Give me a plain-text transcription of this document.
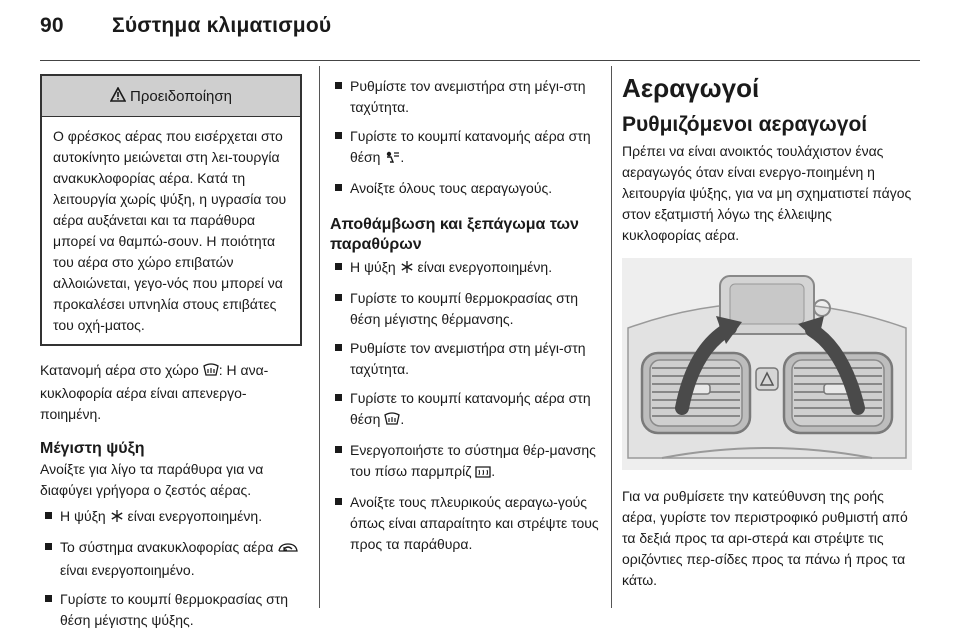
90 Σύστημα κλιματισμού
Προειδοποίηση
Ο φρέσκος αέρας που εισέρχεται στο αυτοκίνητο μειώνεται στη λει-τουργία ανακυκλοφορίας αέρα. Κατά τη λειτουργία χωρίς ψύξη, η υγρασία του αέρα αυξάνεται και τα παράθυρα μπορεί να θαμπώ-σουν. Η ποιότητα του αέρα στο χώρο επιβατών αλλοιώνεται, γεγο-νός που μπορεί να προκαλέσει υπνηλία στους επιβάτες του οχή-ματος.

Κατανομή αέρα στο χώρο : Η ανα-κυκλοφορία αέρα είναι απενεργο-ποιημένη.

Μέγιστη ψύξη

Ανοίξτε για λίγο τα παράθυρα για να διαφύγει γρήγορα ο ζεστός αέρας.

Η ψύξη  είναι ενεργοποιημένη.
Το σύστημα ανακυκλοφορίας αέρα  είναι ενεργοποιημένο.
Γυρίστε το κουμπί θερμοκρασίας στη θέση μέγιστης ψύξης.
Ρυθμίστε τον ανεμιστήρα στη μέγι-στη ταχύτητα.
Γυρίστε το κουμπί κατανομής αέρα στη θέση .
Ανοίξτε όλους τους αεραγωγούς.
Αποθάμβωση και ξεπάγωμα των παραθύρων
Η ψύξη  είναι ενεργοποιημένη.
Γυρίστε το κουμπί θερμοκρασίας στη θέση μέγιστης θέρμανσης.
Ρυθμίστε τον ανεμιστήρα στη μέγι-στη ταχύτητα.
Γυρίστε το κουμπί κατανομής αέρα στη θέση .
Ενεργοποιήστε το σύστημα θέρ-μανσης του πίσω παρμπρίζ .
Ανοίξτε τους πλευρικούς αεραγω-γούς όπως είναι απαραίτητο και στρέψτε τους προς τα παράθυρα.
Αεραγωγοί
Ρυθμιζόμενοι αεραγωγοί

Πρέπει να είναι ανοικτός τουλάχιστον ένας αεραγωγός όταν είναι ενεργο-ποιημένη η λειτουργία ψύξης, για να μη σχηματιστεί πάγος στον εξατμιστή λόγω της έλλειψης κυκλοφορίας αέρα.

Για να ρυθμίσετε την κατεύθυνση της ροής αέρα, γυρίστε τον περιστροφικό ρυθμιστή από τα δεξιά προς τα αρι-στερά και στρέψτε τις οριζόντιες περ-σίδες προς τα πάνω ή προς τα κάτω.
